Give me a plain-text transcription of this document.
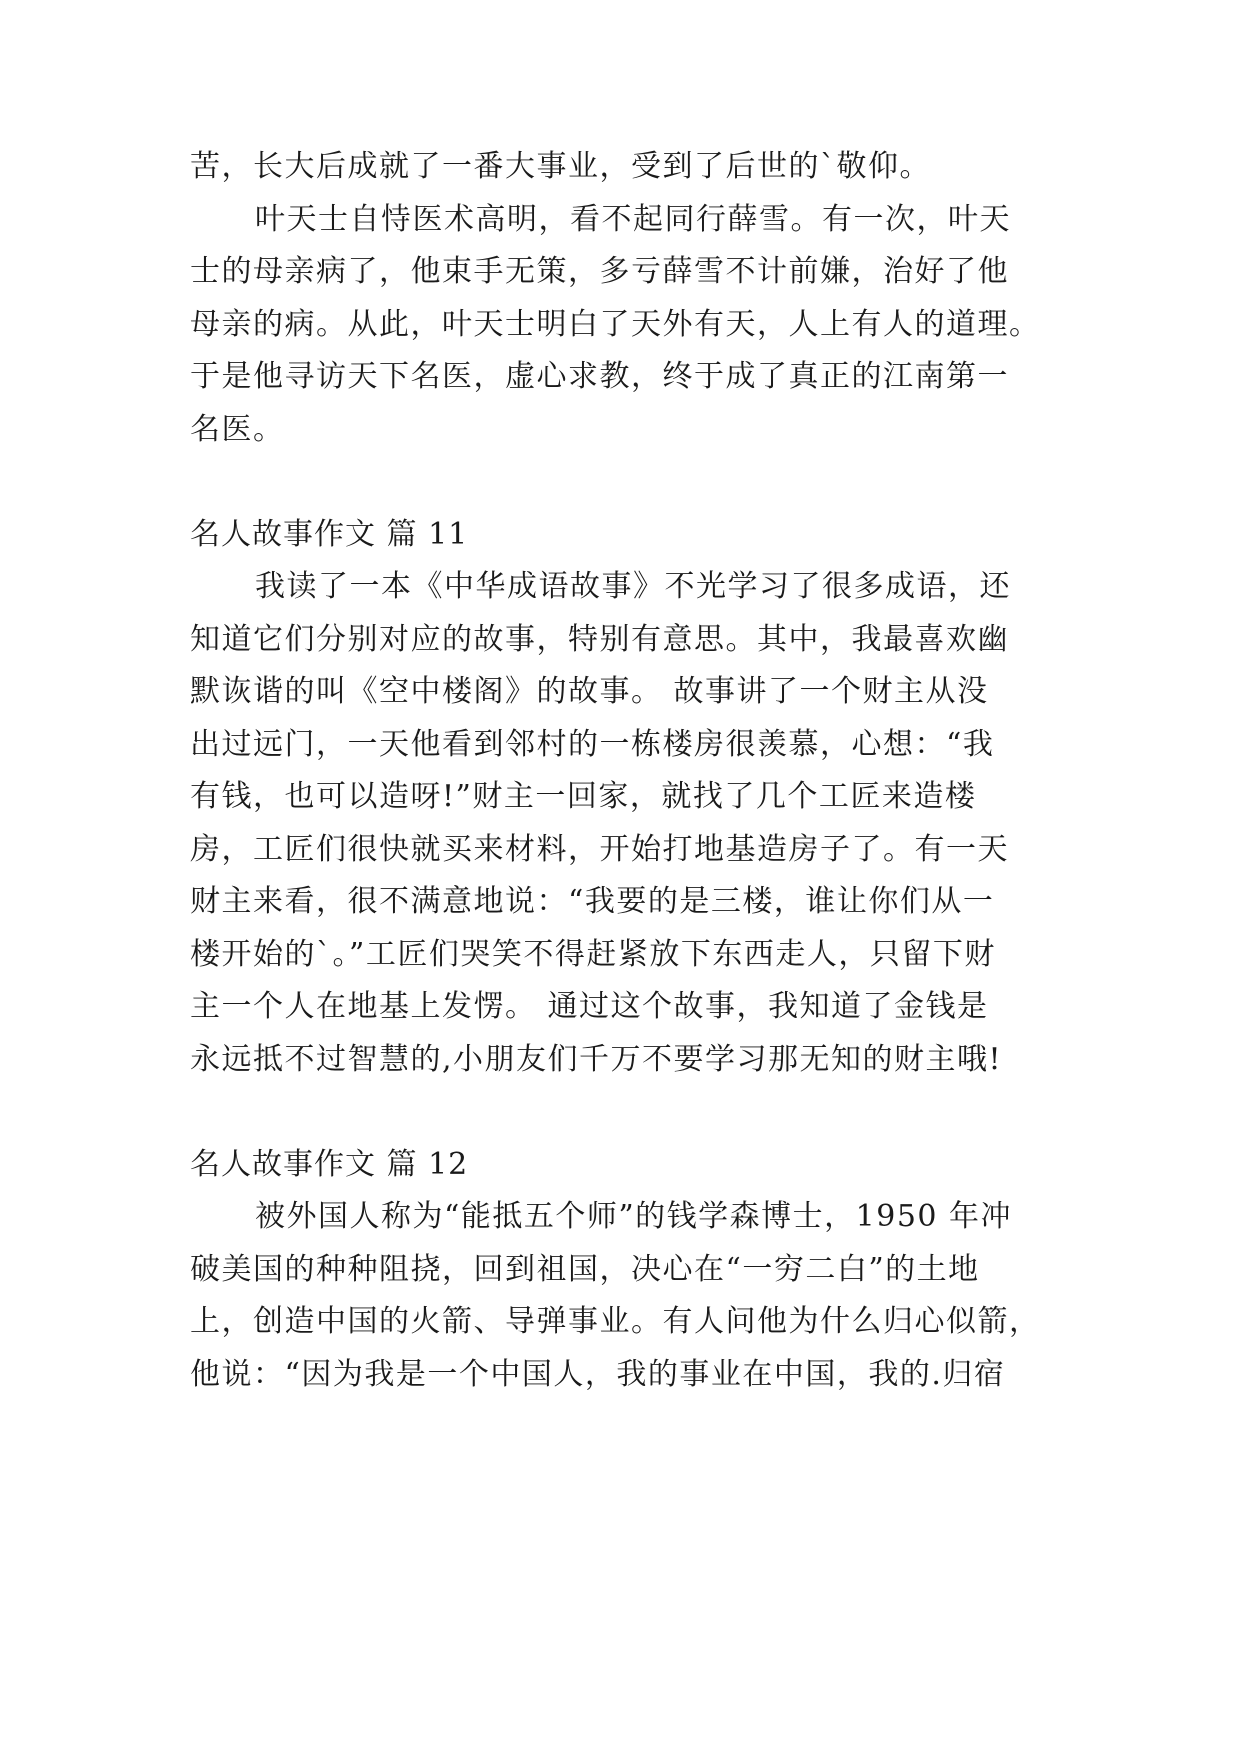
苦，长大后成就了一番大事业，受到了后世的`敬仰。
叶天士自恃医术高明，看不起同行薛雪。有一次，叶天
士的母亲病了，他束手无策，多亏薛雪不计前嫌，治好了他
母亲的病。从此，叶天士明白了天外有天，人上有人的道理。
于是他寻访天下名医，虚心求教，终于成了真正的江南第一
名医。
名人故事作文 篇 11
我读了一本《中华成语故事》不光学习了很多成语，还
知道它们分别对应的故事，特别有意思。其中，我最喜欢幽
默诙谐的叫《空中楼阁》的故事。 故事讲了一个财主从没
出过远门，一天他看到邻村的一栋楼房很羡慕，心想：“我
有钱，也可以造呀!”财主一回家，就找了几个工匠来造楼
房，工匠们很快就买来材料，开始打地基造房子了。有一天
财主来看，很不满意地说：“我要的是三楼，谁让你们从一
楼开始的`。”工匠们哭笑不得赶紧放下东西走人，只留下财
主一个人在地基上发愣。 通过这个故事，我知道了金钱是
永远抵不过智慧的,小朋友们千万不要学习那无知的财主哦!
名人故事作文 篇 12
被外国人称为“能抵五个师”的钱学森博士，1950 年冲
破美国的种种阻挠，回到祖国，决心在“一穷二白”的土地
上，创造中国的火箭、导弹事业。有人问他为什么归心似箭，
他说：“因为我是一个中国人，我的事业在中国，我的.归宿
